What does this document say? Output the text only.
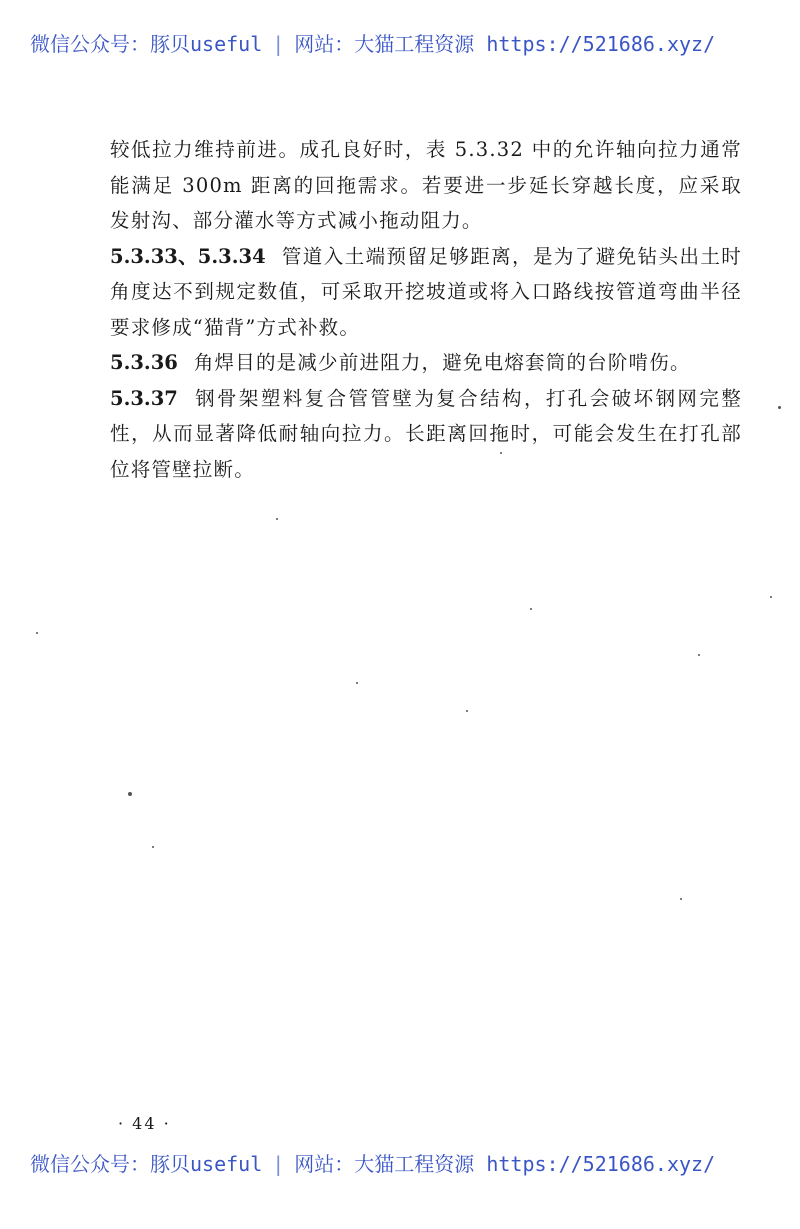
微信公众号：豚贝useful | 网站：大猫工程资源 https://521686.xyz/

较低拉力维持前进。成孔良好时，表 5.3.32 中的允许轴向拉力通常能满足 300m 距离的回拖需求。若要进一步延长穿越长度，应采取发射沟、部分灌水等方式减小拖动阻力。

5.3.33、5.3.34 管道入土端预留足够距离，是为了避免钻头出土时角度达不到规定数值，可采取开挖坡道或将入口路线按管道弯曲半径要求修成“猫背”方式补救。

5.3.36 角焊目的是减少前进阻力，避免电熔套筒的台阶啃伤。

5.3.37 钢骨架塑料复合管管壁为复合结构，打孔会破坏钢网完整性，从而显著降低耐轴向拉力。长距离回拖时，可能会发生在打孔部位将管壁拉断。

· 44 ·
微信公众号：豚贝useful | 网站：大猫工程资源 https://521686.xyz/
